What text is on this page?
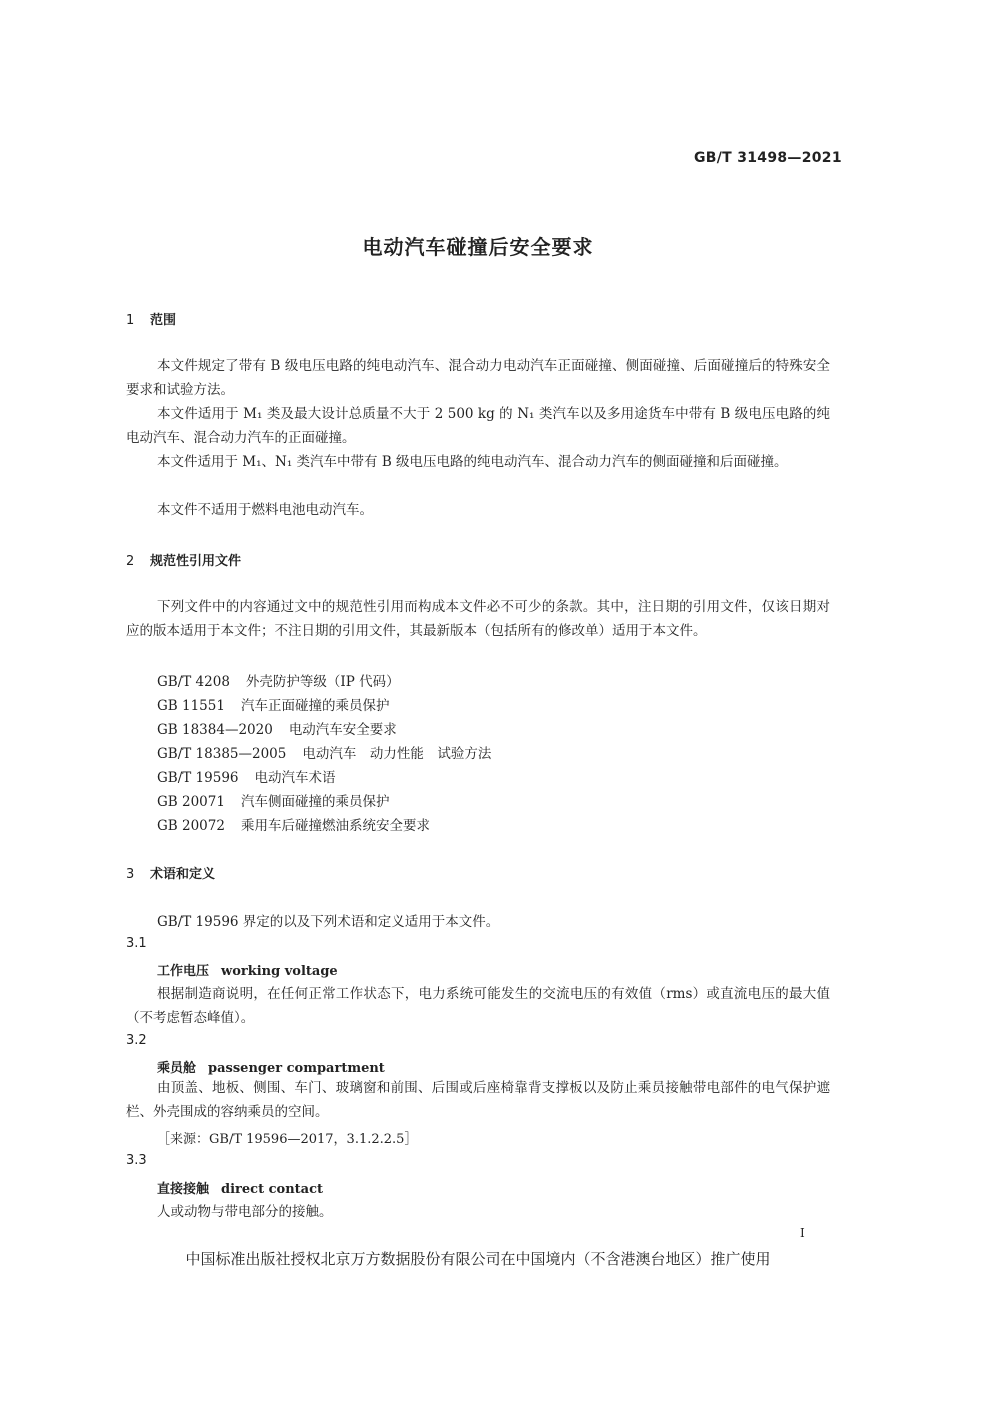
GB/T 31498—2021
电动汽车碰撞后安全要求
1 范围
本文件规定了带有 B 级电压电路的纯电动汽车、混合动力电动汽车正面碰撞、侧面碰撞、后面碰撞后的特殊安全要求和试验方法。
本文件适用于 M₁ 类及最大设计总质量不大于 2 500 kg 的 N₁ 类汽车以及多用途货车中带有 B 级电压电路的纯电动汽车、混合动力汽车的正面碰撞。
本文件适用于 M₁、N₁ 类汽车中带有 B 级电压电路的纯电动汽车、混合动力汽车的侧面碰撞和后面碰撞。
本文件不适用于燃料电池电动汽车。
2 规范性引用文件
下列文件中的内容通过文中的规范性引用而构成本文件必不可少的条款。其中，注日期的引用文件，仅该日期对应的版本适用于本文件；不注日期的引用文件，其最新版本（包括所有的修改单）适用于本文件。
GB/T 4208 外壳防护等级（IP 代码）
GB 11551 汽车正面碰撞的乘员保护
GB 18384—2020 电动汽车安全要求
GB/T 18385—2005 电动汽车　动力性能　试验方法
GB/T 19596 电动汽车术语
GB 20071 汽车侧面碰撞的乘员保护
GB 20072 乘用车后碰撞燃油系统安全要求
3 术语和定义
GB/T 19596 界定的以及下列术语和定义适用于本文件。
3.1
工作电压 working voltage
根据制造商说明，在任何正常工作状态下，电力系统可能发生的交流电压的有效值（rms）或直流电压的最大值（不考虑暂态峰值）。
3.2
乘员舱 passenger compartment
由顶盖、地板、侧围、车门、玻璃窗和前围、后围或后座椅靠背支撑板以及防止乘员接触带电部件的电气保护遮栏、外壳围成的容纳乘员的空间。
［来源：GB/T 19596—2017，3.1.2.2.5］
3.3
直接接触 direct contact
人或动物与带电部分的接触。
I
中国标准出版社授权北京万方数据股份有限公司在中国境内（不含港澳台地区）推广使用
